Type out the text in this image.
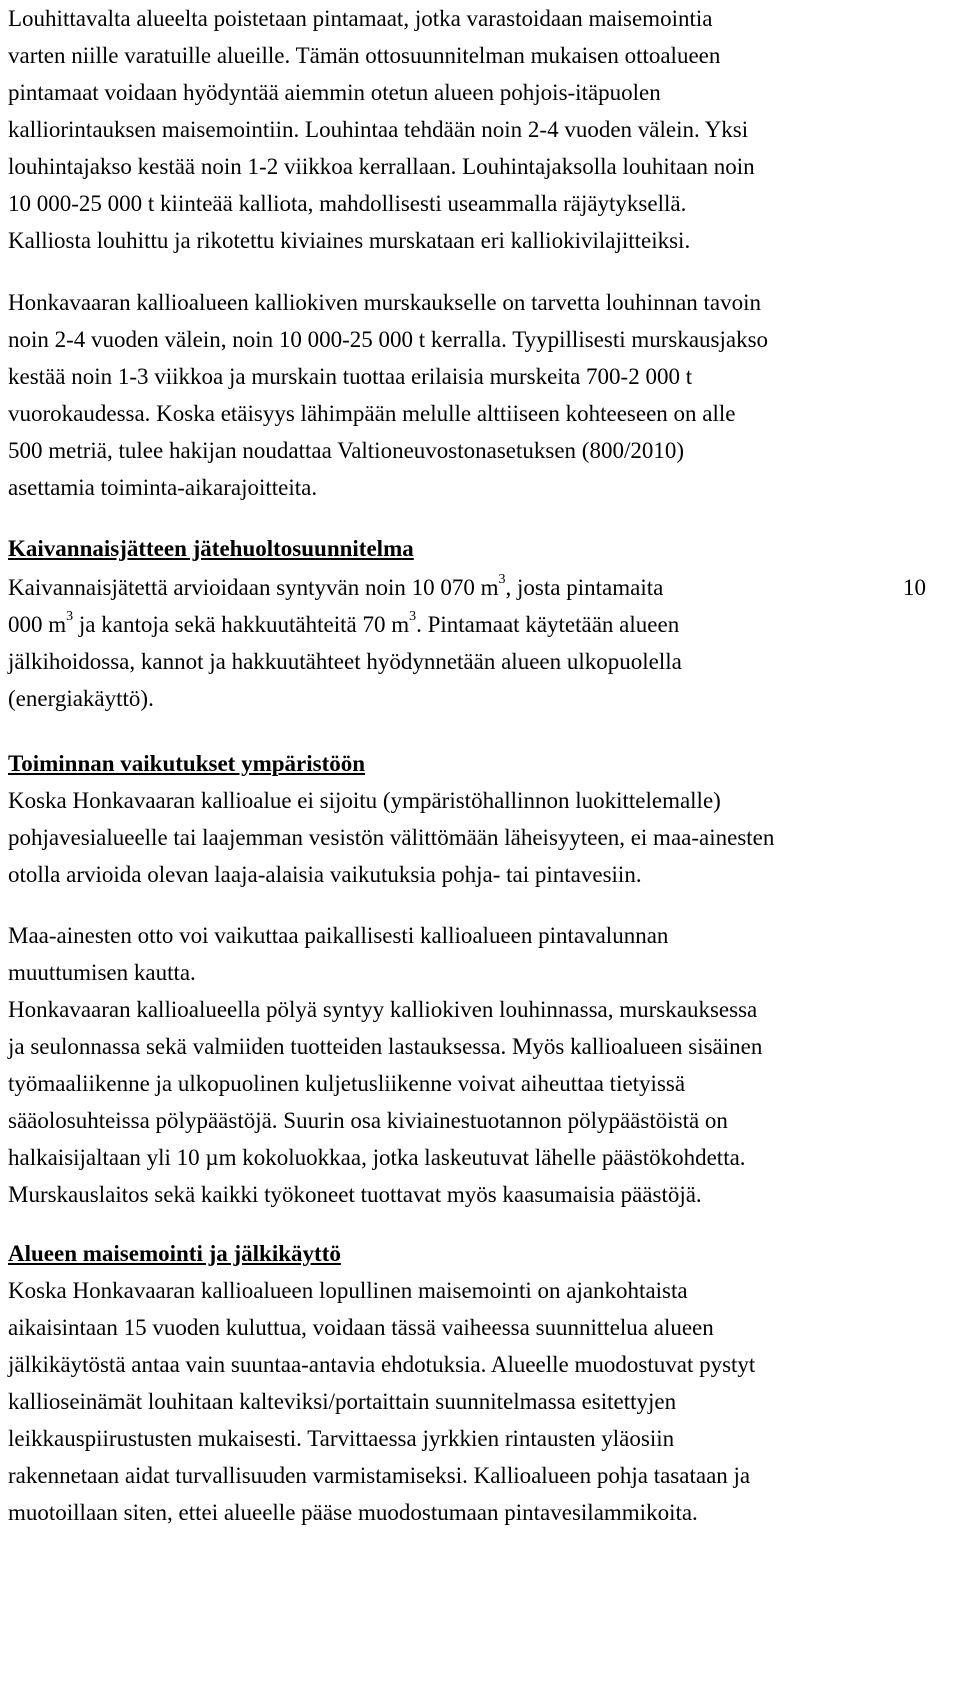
Louhittavalta alueelta poistetaan pintamaat, jotka varastoidaan maisemointia
varten niille varatuille alueille. Tämän ottosuunnitelman mukaisen ottoalueen
pintamaat voidaan hyödyntää aiemmin otetun alueen pohjois-itäpuolen
kalliorintauksen maisemointiin. Louhintaa tehdään noin 2-4 vuoden välein. Yksi
louhintajakso kestää noin 1-2 viikkoa kerrallaan. Louhintajaksolla louhitaan noin
10 000-25 000 t kiinteää kalliota, mahdollisesti useammalla räjäytyksellä.
Kalliosta louhittu ja rikotettu kiviaines murskataan eri kalliokivilajitteiksi.
Honkavaaran kallioalueen kalliokiven murskaukselle on tarvetta louhinnan tavoin
noin 2-4 vuoden välein, noin 10 000-25 000 t kerralla. Tyypillisesti murskausjakso
kestää noin 1-3 viikkoa ja murskain tuottaa erilaisia murskeita 700-2 000 t
vuorokaudessa. Koska etäisyys lähimpään melulle alttiiseen kohteeseen on alle
500 metriä, tulee hakijan noudattaa Valtioneuvostonasetuksen (800/2010)
asettamia toiminta-aikarajoitteita.
Kaivannaisjätteen jätehuoltosuunnitelma
Kaivannaisjätettä arvioidaan syntyvän noin 10 070 $m^3$, josta pintamaita	10
000 $m^3$ ja kantoja sekä hakkuutähteitä 70 $m^3$. Pintamaat käytetään alueen
jälkihoidossa, kannot ja hakkuutähteet hyödynnetään alueen ulkopuolella
(energiakäyttö).
Toiminnan vaikutukset ympäristöön
Koska Honkavaaran kallioalue ei sijoitu (ympäristöhallinnon luokittelemalle)
pohjavesialueelle tai laajemman vesistön välittömään läheisyyteen, ei maa-ainesten
otolla arvioida olevan laaja-alaisia vaikutuksia pohja- tai pintavesiin.
Maa-ainesten otto voi vaikuttaa paikallisesti kallioalueen pintavalunnan
muuttumisen kautta.
Honkavaaran kallioalueella pölyä syntyy kalliokiven louhinnassa, murskauksessa
ja seulonnassa sekä valmiiden tuotteiden lastauksessa. Myös kallioalueen sisäinen
työmaaliikenne ja ulkopuolinen kuljetusliikenne voivat aiheuttaa tietyissä
sääolosuhteissa pölypäästöjä. Suurin osa kiviainestuotannon pölypäästöistä on
halkaisijaltaan yli 10 µm kokoluokkaa, jotka laskeutuvat lähelle päästökohdetta.
Murskauslaitos sekä kaikki työkoneet tuottavat myös kaasumaisia päästöjä.
Alueen maisemointi ja jälkikäyttö
Koska Honkavaaran kallioalueen lopullinen maisemointi on ajankohtaista
aikaisintaan 15 vuoden kuluttua, voidaan tässä vaiheessa suunnittelua alueen
jälkikäytöstä antaa vain suuntaa-antavia ehdotuksia. Alueelle muodostuvat pystyt
kallioseinämät louhitaan kalteviksi/portaittain suunnitelmassa esitettyjen
leikkauspiirustusten mukaisesti. Tarvittaessa jyrkkien rintausten yläosiin
rakennetaan aidat turvallisuuden varmistamiseksi. Kallioalueen pohja tasataan ja
muotoillaan siten, ettei alueelle pääse muodostumaan pintavesilammikoita.
